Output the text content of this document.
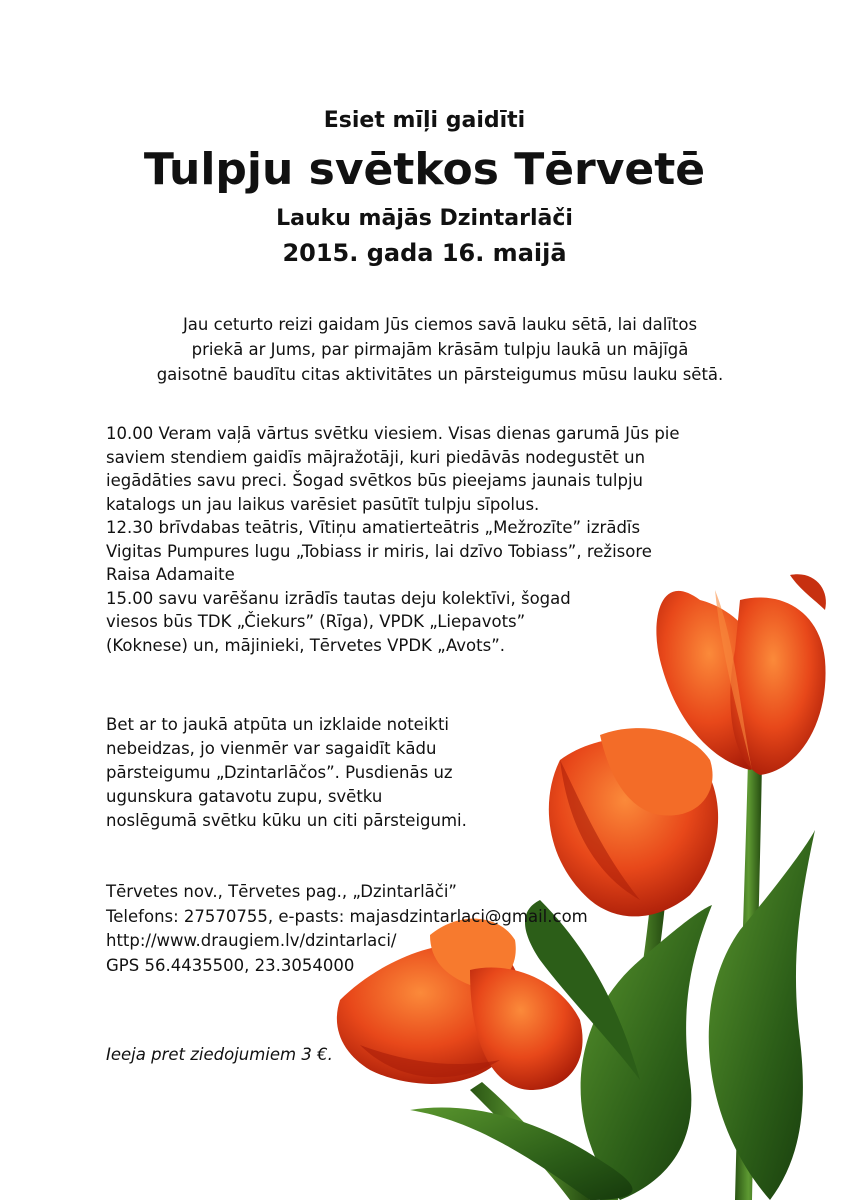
Esiet mīļi gaidīti
Tulpju svētkos Tērvetē
Lauku mājās Dzintarlāči
2015. gada 16. maijā
Jau ceturto reizi gaidam Jūs ciemos savā lauku sētā, lai dalītos
priekā ar Jums, par pirmajām krāsām tulpju laukā un mājīgā
gaisotnē baudītu citas aktivitātes un pārsteigumus mūsu lauku sētā.
10.00 Veram vaļā vārtus svētku viesiem. Visas dienas garumā Jūs pie
saviem stendiem gaidīs mājražotāji, kuri piedāvās nodegustēt un
iegādāties savu preci. Šogad svētkos būs pieejams jaunais tulpju
katalogs un jau laikus varēsiet pasūtīt tulpju sīpolus.
12.30 brīvdabas teātris, Vītiņu amatierteātris „Mežrozīte” izrādīs
Vigitas Pumpures lugu „Tobiass ir miris, lai dzīvo Tobiass”, režisore
Raisa Adamaite
15.00 savu varēšanu izrādīs tautas deju kolektīvi, šogad
viesos būs TDK „Čiekurs” (Rīga), VPDK „Liepavots”
(Koknese) un, mājinieki, Tērvetes VPDK „Avots”.
Bet ar to jaukā atpūta un izklaide noteikti
nebeidzas, jo vienmēr var sagaidīt kādu
pārsteigumu „Dzintarlāčos”. Pusdienās uz
ugunskura gatavotu zupu, svētku
noslēgumā svētku kūku un citi pārsteigumi.
Tērvetes nov., Tērvetes pag., „Dzintarlāči”
Telefons: 27570755, e-pasts: majasdzintarlaci@gmail.com
http://www.draugiem.lv/dzintarlaci/
GPS 56.4435500, 23.3054000
Ieeja pret ziedojumiem 3 €.
